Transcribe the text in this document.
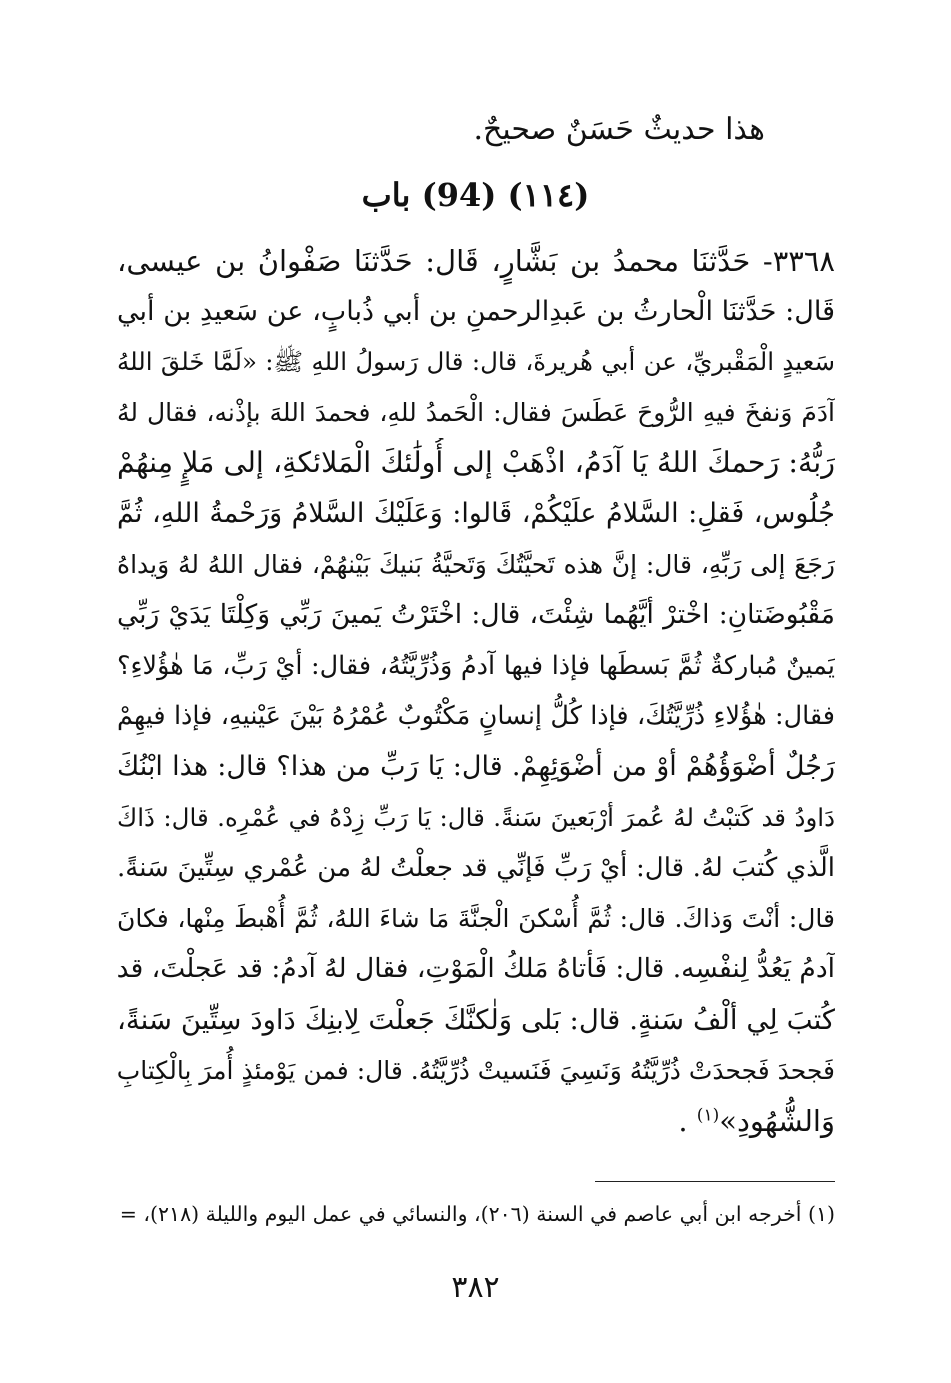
هذا حديثٌ حَسَنٌ صحيحٌ.
(١١٤) (94) باب
٣٣٦٨- حَدَّثنَا محمدُ بن بَشَّارٍ، قَال: حَدَّثنَا صَفْوانُ بن عيسى،
قَال: حَدَّثنَا الْحارثُ بن عَبدِالرحمنِ بن أبي ذُبابٍ، عن سَعيدِ بن أبي
سَعيدٍ الْمَقْبريِّ، عن أبي هُريرةَ، قال: قال رَسولُ اللهِ ﷺ: «لَمَّا خَلقَ اللهُ
آدَمَ وَنفخَ فيهِ الرُّوحَ عَطَسَ فقال: الْحَمدُ للهِ، فحمدَ اللهَ بإذْنه، فقال لهُ
رَبُّهُ: رَحمكَ اللهُ يَا آدَمُ، اذْهَبْ إلى أُولَٰئكَ الْمَلائكةِ، إلى مَلإٍ مِنهُمْ
جُلُوس، فَقلِ: السَّلامُ علَيْكُمْ، قَالوا: وَعَلَيْكَ السَّلامُ وَرَحْمةُ اللهِ، ثُمَّ
رَجَعَ إلى رَبِّهِ، قال: إنَّ هذه تَحيَّتُكَ وَتَحيَّةُ بَنيكَ بَيْنهُمْ، فقال اللهُ لهُ وَيداهُ
مَقْبُوضَتانِ: اخْترْ أيَّهُما شِئْتَ، قال: اخْتَرْتُ يَمينَ رَبِّي وَكِلْتَا يَدَيْ رَبِّي
يَمينٌ مُباركةٌ ثُمَّ بَسطَها فإذا فيها آدمُ وَذُرِّيَّتُهُ، فقال: أيْ رَبِّ، مَا هٰؤُلاءِ؟
فقال: هٰؤُلاءِ ذُرِّيَّتُكَ، فإذا كُلُّ إنسانٍ مَكْتُوبٌ عُمْرُهُ بَيْنَ عَيْنيهِ، فإذا فيهِمْ
رَجُلٌ أضْوَؤُهُمْ أوْ من أضْوَئِهِمْ. قال: يَا رَبِّ من هذا؟ قال: هذا ابْنُكَ
دَاودُ قد كَتبْتُ لهُ عُمرَ أرْبَعينَ سَنةً. قال: يَا رَبِّ زِدْهُ في عُمْرِه. قال: ذَاكَ
الَّذي كُتبَ لهُ. قال: أيْ رَبِّ فَإنِّي قد جعلْتُ لهُ من عُمْري سِتِّينَ سَنةً.
قال: أنْتَ وَذاكَ. قال: ثُمَّ أُسْكنَ الْجنَّةَ مَا شاءَ اللهُ، ثُمَّ أُهْبطَ مِنْها، فكانَ
آدمُ يَعُدُّ لِنفْسِه. قال: فَأتاهُ مَلكُ الْمَوْتِ، فقال لهُ آدمُ: قد عَجلْتَ، قد
كُتبَ لِي ألْفُ سَنةٍ. قال: بَلى وَلٰكنَّكَ جَعلْتَ لِابنِكَ دَاودَ سِتِّينَ سَنةً،
فَجحدَ فَجحدَتْ ذُرِّيَّتُهُ وَنَسِيَ فَنَسيتْ ذُرِّيَّتُهُ. قال: فمن يَوْمئذٍ أُمرَ بِالْكِتابِ
وَالشُّهُودِ»$^{(١)}$ .
(١) أخرجه ابن أبي عاصم في السنة (٢٠٦)، والنسائي في عمل اليوم والليلة (٢١٨)، =
٣٨٢
